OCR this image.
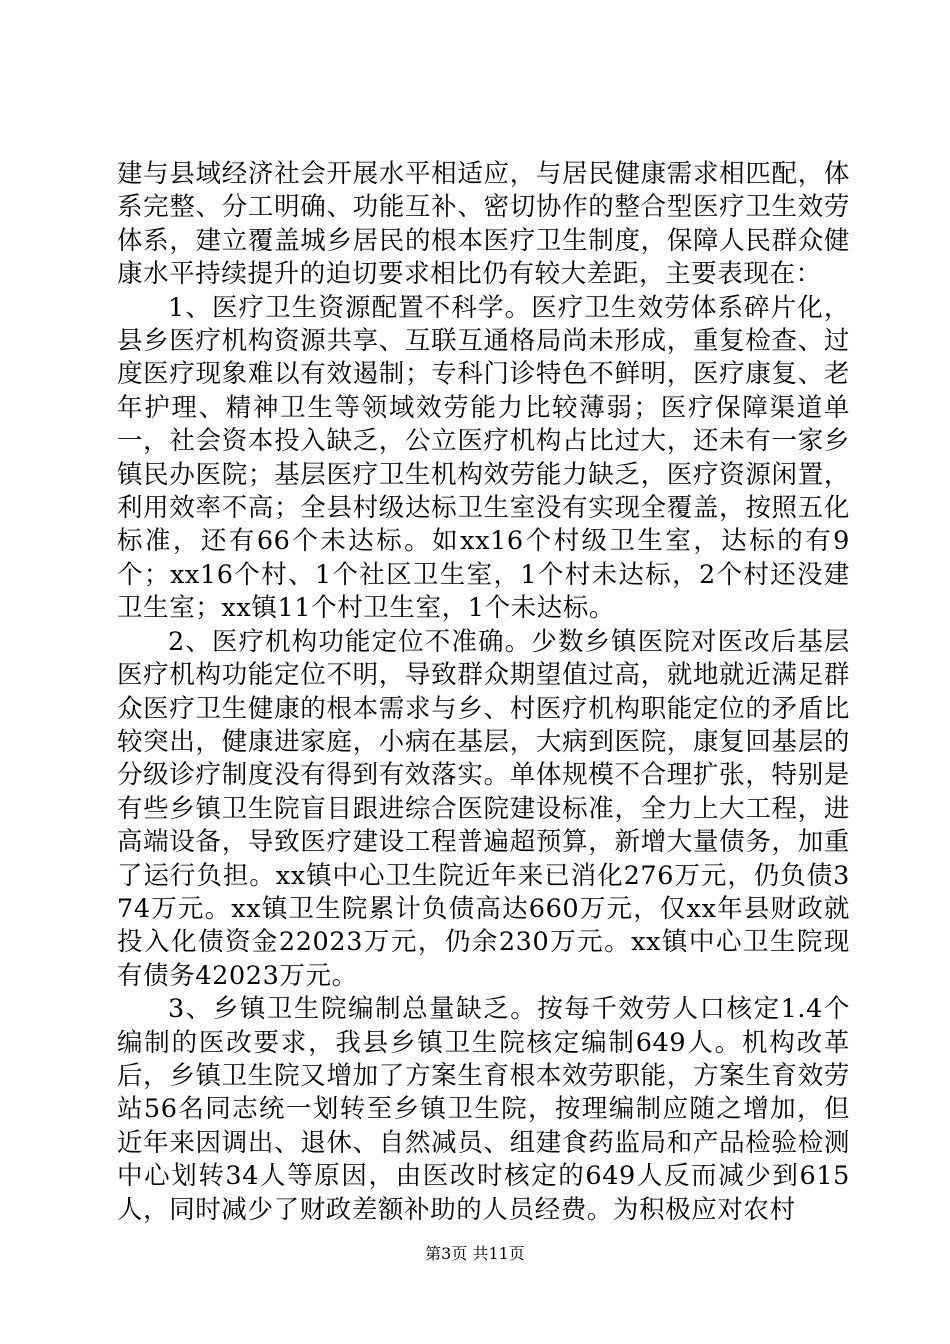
建与县域经济社会开展水平相适应，与居民健康需求相匹配，体系完整、分工明确、功能互补、密切协作的整合型医疗卫生效劳体系，建立覆盖城乡居民的根本医疗卫生制度，保障人民群众健康水平持续提升的迫切要求相比仍有较大差距，主要表现在：

1、医疗卫生资源配置不科学。医疗卫生效劳体系碎片化，县乡医疗机构资源共享、互联互通格局尚未形成，重复检查、过度医疗现象难以有效遏制；专科门诊特色不鲜明，医疗康复、老年护理、精神卫生等领域效劳能力比较薄弱；医疗保障渠道单一，社会资本投入缺乏，公立医疗机构占比过大，还未有一家乡镇民办医院；基层医疗卫生机构效劳能力缺乏，医疗资源闲置，利用效率不高；全县村级达标卫生室没有实现全覆盖，按照五化标准，还有66个未达标。如xx16个村级卫生室，达标的有9个；xx16个村、1个社区卫生室，1个村未达标，2个村还没建卫生室；xx镇11个村卫生室，1个未达标。

2、医疗机构功能定位不准确。少数乡镇医院对医改后基层医疗机构功能定位不明，导致群众期望值过高，就地就近满足群众医疗卫生健康的根本需求与乡、村医疗机构职能定位的矛盾比较突出，健康进家庭，小病在基层，大病到医院，康复回基层的分级诊疗制度没有得到有效落实。单体规模不合理扩张，特别是有些乡镇卫生院盲目跟进综合医院建设标准，全力上大工程，进高端设备，导致医疗建设工程普遍超预算，新增大量债务，加重了运行负担。xx镇中心卫生院近年来已消化276万元，仍负债374万元。xx镇卫生院累计负债高达660万元，仅xx年县财政就投入化债资金22023万元，仍余230万元。xx镇中心卫生院现有债务42023万元。

3、乡镇卫生院编制总量缺乏。按每千效劳人口核定1.4个编制的医改要求，我县乡镇卫生院核定编制649人。机构改革后，乡镇卫生院又增加了方案生育根本效劳职能，方案生育效劳站56名同志统一划转至乡镇卫生院，按理编制应随之增加，但近年来因调出、退休、自然减员、组建食药监局和产品检验检测中心划转34人等原因，由医改时核定的649人反而减少到615人，同时减少了财政差额补助的人员经费。为积极应对农村

第3页 共11页
